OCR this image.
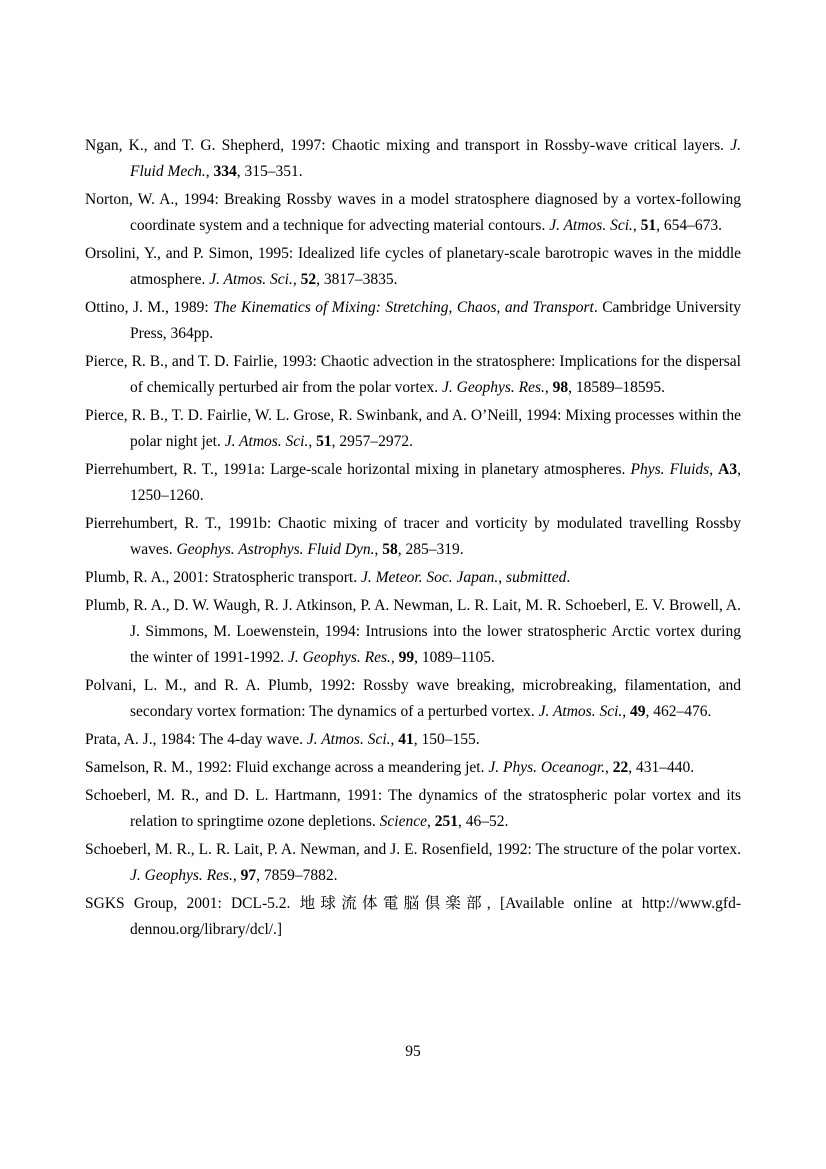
Ngan, K., and T. G. Shepherd, 1997: Chaotic mixing and transport in Rossby-wave critical layers. J. Fluid Mech., 334, 315–351.

Norton, W. A., 1994: Breaking Rossby waves in a model stratosphere diagnosed by a vortex-following coordinate system and a technique for advecting material contours. J. Atmos. Sci., 51, 654–673.

Orsolini, Y., and P. Simon, 1995: Idealized life cycles of planetary-scale barotropic waves in the middle atmosphere. J. Atmos. Sci., 52, 3817–3835.

Ottino, J. M., 1989: The Kinematics of Mixing: Stretching, Chaos, and Transport. Cambridge University Press, 364pp.

Pierce, R. B., and T. D. Fairlie, 1993: Chaotic advection in the stratosphere: Implications for the dispersal of chemically perturbed air from the polar vortex. J. Geophys. Res., 98, 18589–18595.

Pierce, R. B., T. D. Fairlie, W. L. Grose, R. Swinbank, and A. O’Neill, 1994: Mixing processes within the polar night jet. J. Atmos. Sci., 51, 2957–2972.

Pierrehumbert, R. T., 1991a: Large-scale horizontal mixing in planetary atmospheres. Phys. Fluids, A3, 1250–1260.

Pierrehumbert, R. T., 1991b: Chaotic mixing of tracer and vorticity by modulated travelling Rossby waves. Geophys. Astrophys. Fluid Dyn., 58, 285–319.

Plumb, R. A., 2001: Stratospheric transport. J. Meteor. Soc. Japan., submitted.

Plumb, R. A., D. W. Waugh, R. J. Atkinson, P. A. Newman, L. R. Lait, M. R. Schoeberl, E. V. Browell, A. J. Simmons, M. Loewenstein, 1994: Intrusions into the lower stratospheric Arctic vortex during the winter of 1991-1992. J. Geophys. Res., 99, 1089–1105.

Polvani, L. M., and R. A. Plumb, 1992: Rossby wave breaking, microbreaking, filamentation, and secondary vortex formation: The dynamics of a perturbed vortex. J. Atmos. Sci., 49, 462–476.

Prata, A. J., 1984: The 4-day wave. J. Atmos. Sci., 41, 150–155.

Samelson, R. M., 1992: Fluid exchange across a meandering jet. J. Phys. Oceanogr., 22, 431–440.

Schoeberl, M. R., and D. L. Hartmann, 1991: The dynamics of the stratospheric polar vortex and its relation to springtime ozone depletions. Science, 251, 46–52.

Schoeberl, M. R., L. R. Lait, P. A. Newman, and J. E. Rosenfield, 1992: The structure of the polar vortex. J. Geophys. Res., 97, 7859–7882.

SGKS Group, 2001: DCL-5.2. 地球流体電脳倶楽部, [Available online at http://www.gfd-dennou.org/library/dcl/.]

95
